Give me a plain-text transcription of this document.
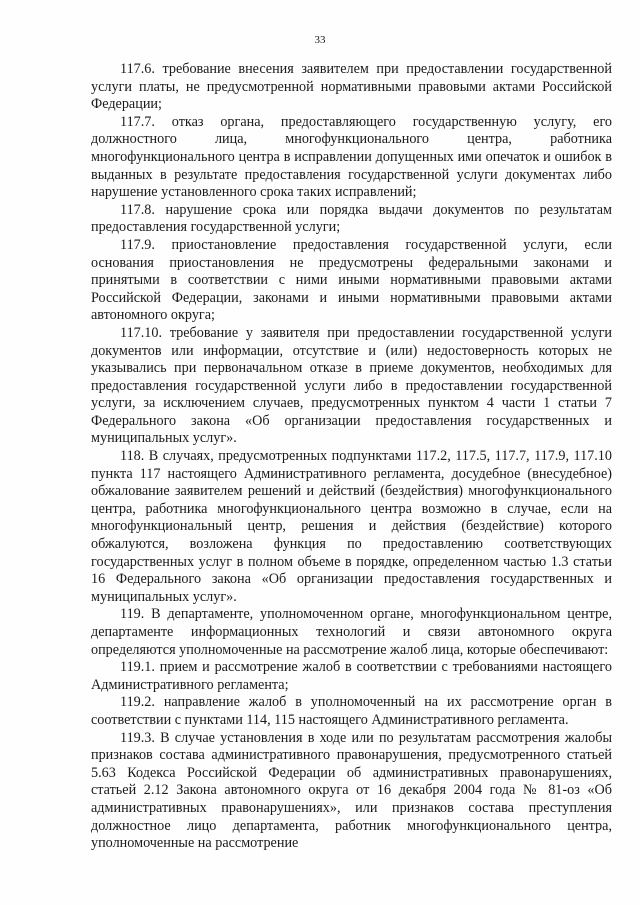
33

117.6. требование внесения заявителем при предоставлении государственной услуги платы, не предусмотренной нормативными правовыми актами Российской Федерации;

117.7. отказ органа, предоставляющего государственную услугу, его должностного лица, многофункционального центра, работника многофункционального центра в исправлении допущенных ими опечаток и ошибок в выданных в результате предоставления государственной услуги документах либо нарушение установленного срока таких исправлений;

117.8. нарушение срока или порядка выдачи документов по результатам предоставления государственной услуги;

117.9. приостановление предоставления государственной услуги, если основания приостановления не предусмотрены федеральными законами и принятыми в соответствии с ними иными нормативными правовыми актами Российской Федерации, законами и иными нормативными правовыми актами автономного округа;

117.10. требование у заявителя при предоставлении государственной услуги документов или информации, отсутствие и (или) недостоверность которых не указывались при первоначальном отказе в приеме документов, необходимых для предоставления государственной услуги либо в предоставлении государственной услуги, за исключением случаев, предусмотренных пунктом 4 части 1 статьи 7 Федерального закона «Об организации предоставления государственных и муниципальных услуг».

118. В случаях, предусмотренных подпунктами 117.2, 117.5, 117.7, 117.9, 117.10 пункта 117 настоящего Административного регламента, досудебное (внесудебное) обжалование заявителем решений и действий (бездействия) многофункционального центра, работника многофункционального центра возможно в случае, если на многофункциональный центр, решения и действия (бездействие) которого обжалуются, возложена функция по предоставлению соответствующих государственных услуг в полном объеме в порядке, определенном частью 1.3 статьи 16 Федерального закона «Об организации предоставления государственных и муниципальных услуг».

119. В департаменте, уполномоченном органе, многофункциональном центре, департаменте информационных технологий и связи автономного округа определяются уполномоченные на рассмотрение жалоб лица, которые обеспечивают:

119.1. прием и рассмотрение жалоб в соответствии с требованиями настоящего Административного регламента;

119.2. направление жалоб в уполномоченный на их рассмотрение орган в соответствии с пунктами 114, 115 настоящего Административного регламента.

119.3. В случае установления в ходе или по результатам рассмотрения жалобы признаков состава административного правонарушения, предусмотренного статьей 5.63 Кодекса Российской Федерации об административных правонарушениях, статьей 2.12 Закона автономного округа от 16 декабря 2004 года № 81-оз «Об административных правонарушениях», или признаков состава преступления должностное лицо департамента, работник многофункционального центра, уполномоченные на рассмотрение
